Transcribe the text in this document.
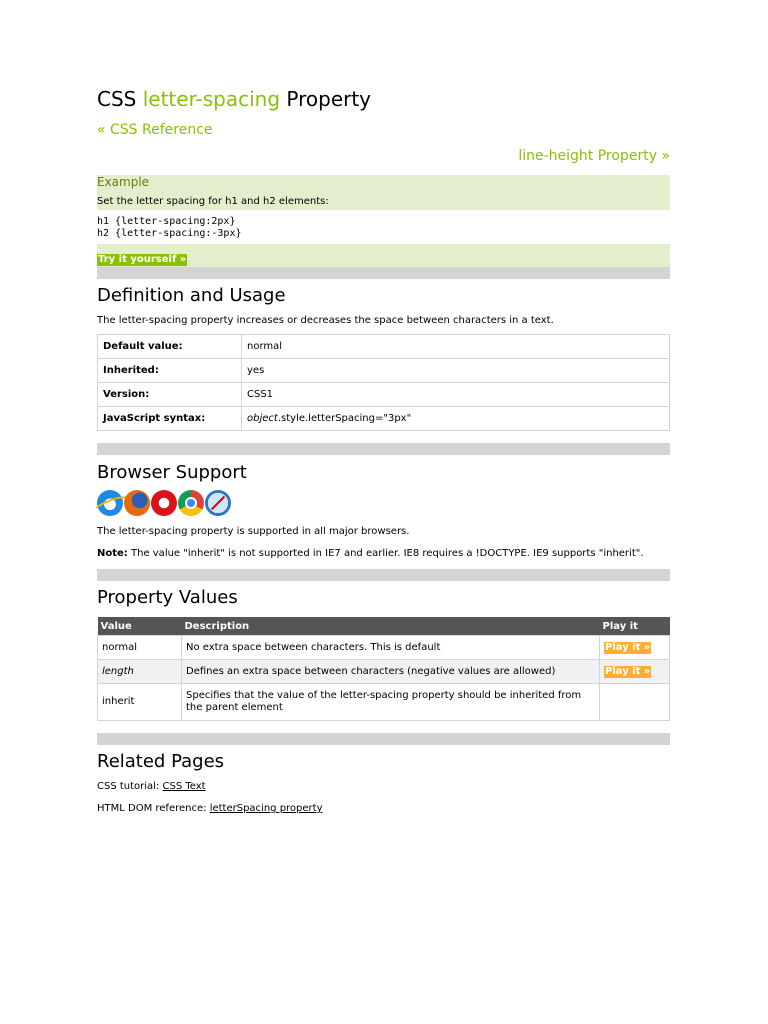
CSS letter-spacing Property
« CSS Reference
line-height Property »
Example
Set the letter spacing for h1 and h2 elements:
h1 {letter-spacing:2px}
h2 {letter-spacing:-3px}
Try it yourself »
Definition and Usage

The letter-spacing property increases or decreases the space between characters in a text.

Default value:	normal
Inherited:	yes
Version:	CSS1
JavaScript syntax:	object.style.letterSpacing="3px"
Browser Support

The letter-spacing property is supported in all major browsers.

Note: The value "inherit" is not supported in IE7 and earlier. IE8 requires a !DOCTYPE. IE9 supports "inherit".

Property Values
Value	Description	Play it
normal	No extra space between characters. This is default	Play it »
length	Defines an extra space between characters (negative values are allowed)	Play it »
inherit	Specifies that the value of the letter-spacing property should be inherited from the parent element	
Related Pages

CSS tutorial: CSS Text

HTML DOM reference: letterSpacing property
